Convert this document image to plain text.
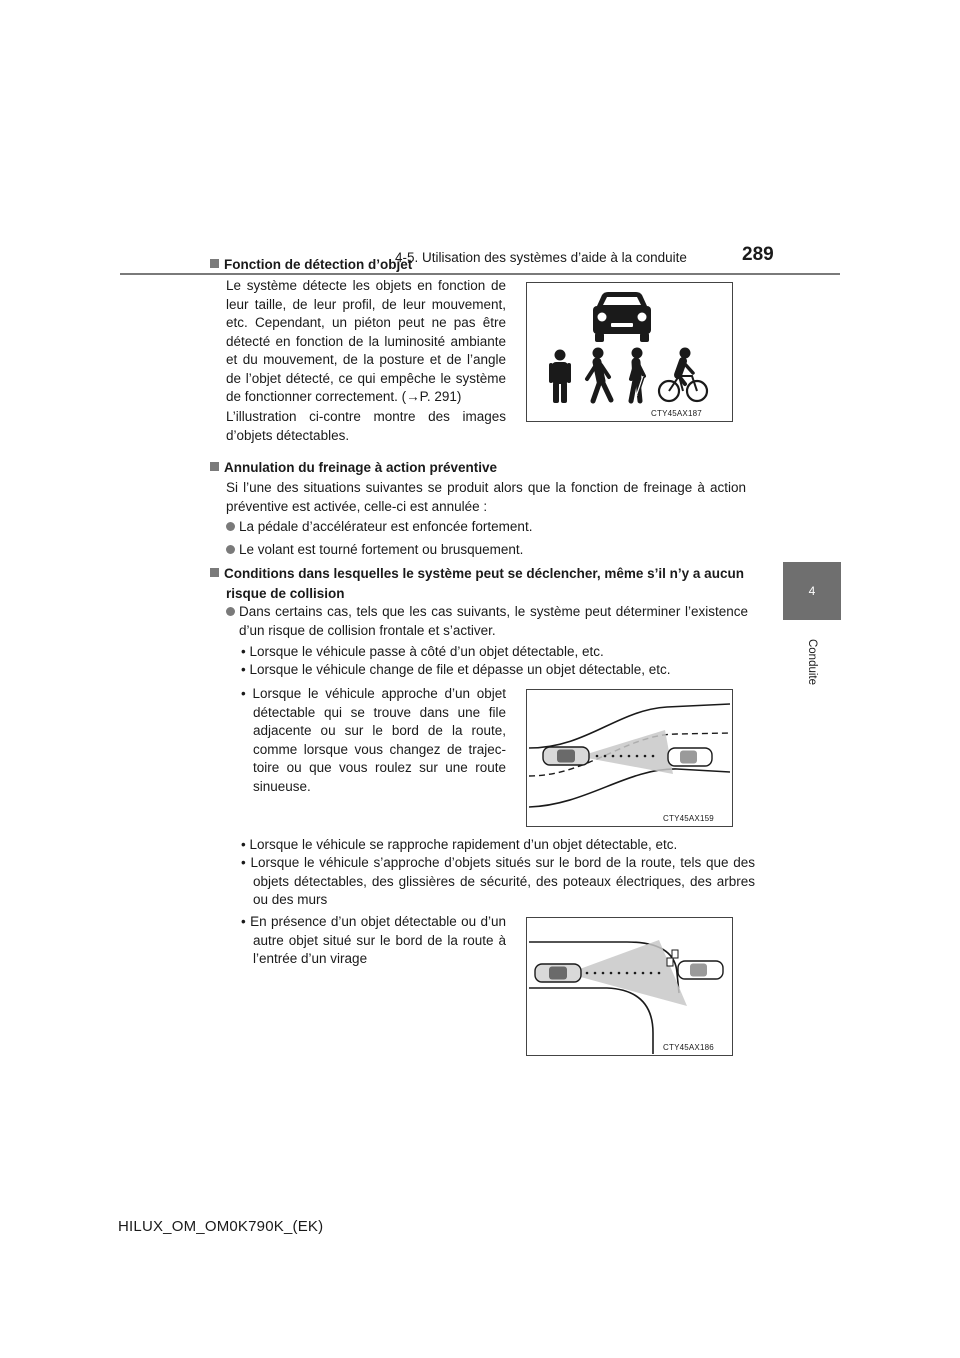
4-5. Utilisation des systèmes d’aide à la conduite	289
4
Conduite
Fonction de détection d’objet
Le système détecte les objets en fonction de
leur taille, de leur profil, de leur mouvement,
etc. Cependant, un piéton peut ne pas être
détecté en fonction de la luminosité ambiante
et du mouvement, de la posture et de l’angle
de l’objet détecté, ce qui empêche le système
de fonctionner correctement. (→P. 291)
L’illustration ci-contre montre des images
d’objets détectables.
CTY45AX187
Annulation du freinage à action préventive
Si l’une des situations suivantes se produit alors que la fonction de freinage à action
préventive est activée, celle-ci est annulée :
La pédale d’accélérateur est enfoncée fortement.
Le volant est tourné fortement ou brusquement.
Conditions dans lesquelles le système peut se déclencher, même s’il n’y a aucun
risque de collision
Dans certains cas, tels que les cas suivants, le système peut déterminer l’existence
d’un risque de collision frontale et s’activer.
• Lorsque le véhicule passe à côté d’un objet détectable, etc.
• Lorsque le véhicule change de file et dépasse un objet détectable, etc.
• Lorsque le véhicule approche d’un objet
détectable qui se trouve dans une file
adjacente ou sur le bord de la route,
comme lorsque vous changez de trajec-
toire ou que vous roulez sur une route
sinueuse.
CTY45AX159
• Lorsque le véhicule se rapproche rapidement d’un objet détectable, etc.
• Lorsque le véhicule s’approche d’objets situés sur le bord de la route, tels que des
objets détectables, des glissières de sécurité, des poteaux électriques, des arbres
ou des murs
• En présence d’un objet détectable ou d’un
autre objet situé sur le bord de la route à
l’entrée d’un virage
CTY45AX186
HILUX_OM_OM0K790K_(EK)
